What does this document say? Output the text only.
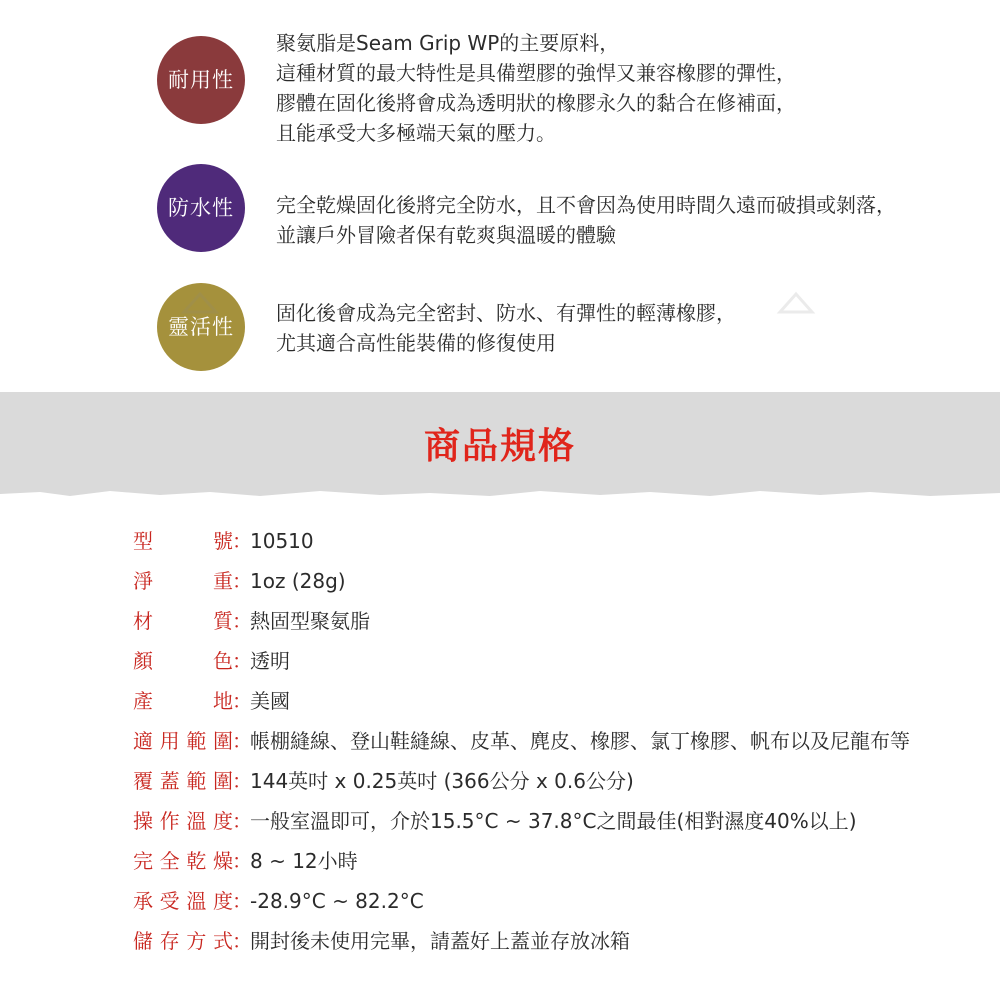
耐用性
聚氨脂是Seam Grip WP的主要原料，
這種材質的最大特性是具備塑膠的強悍又兼容橡膠的彈性，
膠體在固化後將會成為透明狀的橡膠永久的黏合在修補面，
且能承受大多極端天氣的壓力。
防水性	完全乾燥固化後將完全防水，且不會因為使用時間久遠而破損或剝落，
並讓戶外冒險者保有乾爽與溫暖的體驗
靈活性
固化後會成為完全密封、防水、有彈性的輕薄橡膠，
尤其適合高性能裝備的修復使用
商品規格
型號 ：
10510
淨重 ：
1oz (28g)
材質 ：
熱固型聚氨脂
顏色 ：
透明
產地 ：
美國
適用範圍 ：
帳棚縫線、登山鞋縫線、皮革、麂皮、橡膠、氯丁橡膠、帆布以及尼龍布等
覆蓋範圍 ：
144英吋 x 0.25英吋 (366公分 x 0.6公分)
操作溫度 ：
一般室溫即可，介於15.5°C ~ 37.8°C之間最佳(相對濕度40%以上)
完全乾燥 ：
8 ~ 12小時
承受溫度 ：
-28.9°C ~ 82.2°C
儲存方式 ：
開封後未使用完畢，請蓋好上蓋並存放冰箱
